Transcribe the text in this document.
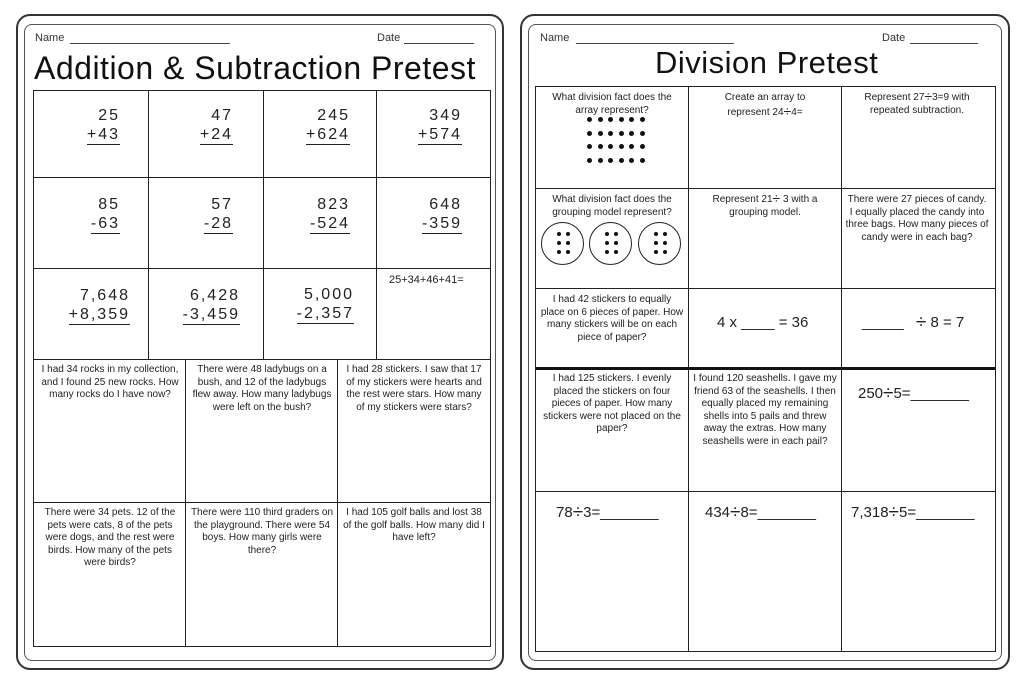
Name	Date
Addition & Subtraction Pretest
25
+43
47
+24
245
+624
349
+574
85
-63
57
-28
823
-524
648
-359
7,648
+8,359
6,428
-3,459
5,000
-2,357
25+34+46+41=
I had 34 rocks in my collection, and I found 25 new rocks. How many rocks do I have now?
There were 48 ladybugs on a bush, and 12 of the ladybugs flew away. How many ladybugs were left on the bush?
I had 28 stickers. I saw that 17 of my stickers were hearts and the rest were stars. How many of my stickers were stars?
There were 34 pets. 12 of the pets were cats, 8 of the pets were dogs, and the rest were birds. How many of the pets were birds?
There were 110 third graders on the playground. There were 54 boys. How many girls were there?
I had 105 golf balls and lost 38 of the golf balls. How many did I have left?
Name	Date
Division Pretest
What division fact does the array represent?
Create an array to
represent 24÷4=
Represent 27÷3=9 with
repeated subtraction.
What division fact does the grouping model represent?
Represent 21÷ 3 with a
grouping model.
There were 27 pieces of candy. I equally placed the candy into three bags. How many pieces of candy were in each bag?
I had 42 stickers to equally place on 6 pieces of paper. How many stickers will be on each piece of paper?
4 x ____ = 36	_____ ÷ 8 = 7
I had 125 stickers. I evenly placed the stickers on four pieces of paper. How many stickers were not placed on the paper?
I found 120 seashells. I gave my friend 63 of the seashells. I then equally placed my remaining shells into 5 pails and threw away the extras. How many seashells were in each pail?
250÷5=_______
78÷3=_______	434÷8=_______ 7,318÷5=_______
